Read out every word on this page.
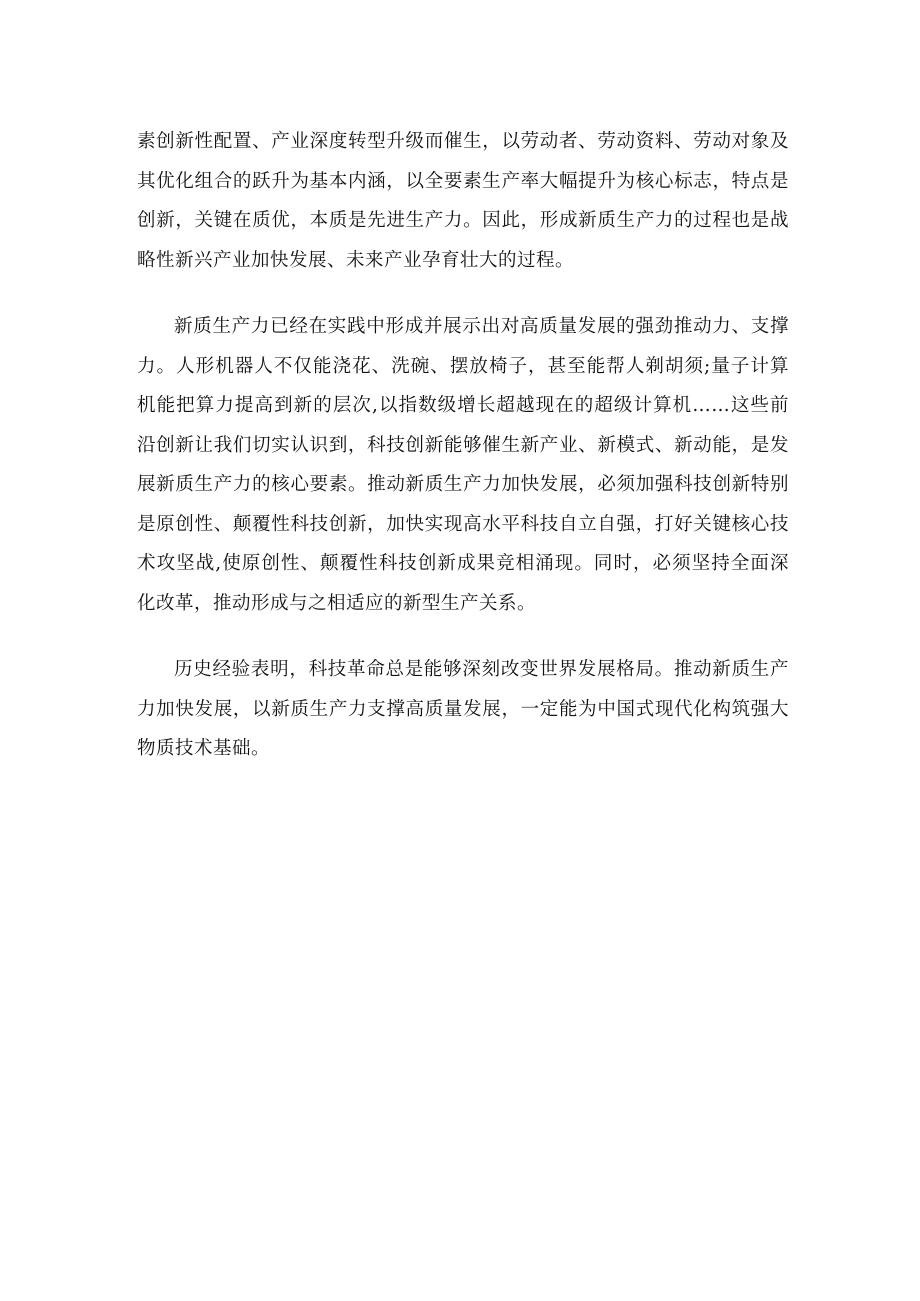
素创新性配置、产业深度转型升级而催生，以劳动者、劳动资料、劳动对象及其优化组合的跃升为基本内涵，以全要素生产率大幅提升为核心标志，特点是创新，关键在质优，本质是先进生产力。因此，形成新质生产力的过程也是战略性新兴产业加快发展、未来产业孕育壮大的过程。

新质生产力已经在实践中形成并展示出对高质量发展的强劲推动力、支撑力。人形机器人不仅能浇花、洗碗、摆放椅子，甚至能帮人剃胡须;量子计算机能把算力提高到新的层次,以指数级增长超越现在的超级计算机……这些前沿创新让我们切实认识到，科技创新能够催生新产业、新模式、新动能，是发展新质生产力的核心要素。推动新质生产力加快发展，必须加强科技创新特别是原创性、颠覆性科技创新，加快实现高水平科技自立自强，打好关键核心技术攻坚战,使原创性、颠覆性科技创新成果竞相涌现。同时，必须坚持全面深化改革，推动形成与之相适应的新型生产关系。

历史经验表明，科技革命总是能够深刻改变世界发展格局。推动新质生产力加快发展，以新质生产力支撑高质量发展，一定能为中国式现代化构筑强大物质技术基础。
